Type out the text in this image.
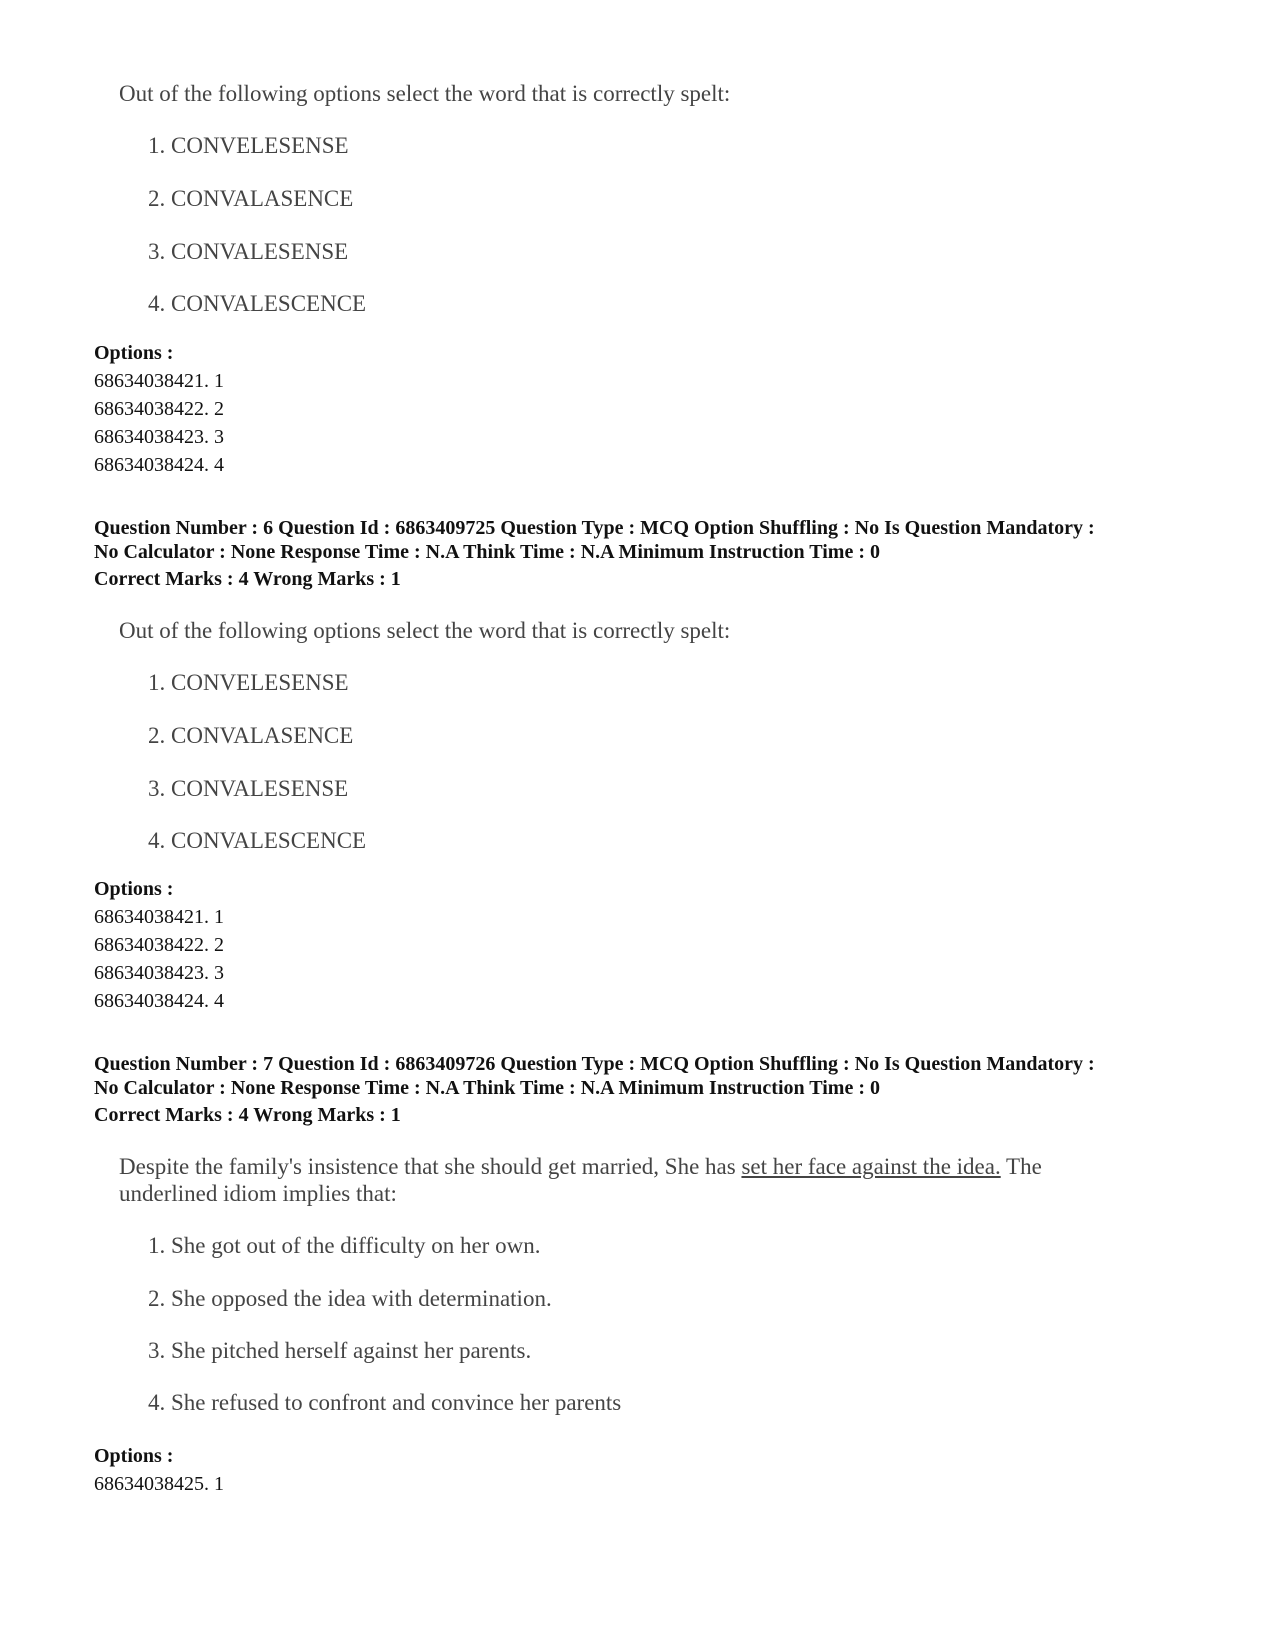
Out of the following options select the word that is correctly spelt:
1. CONVELESENSE
2. CONVALASENCE
3. CONVALESENSE
4. CONVALESCENCE
Options :
68634038421. 1
68634038422. 2
68634038423. 3
68634038424. 4
Question Number : 6 Question Id : 6863409725 Question Type : MCQ Option Shuffling : No Is Question Mandatory :
No Calculator : None Response Time : N.A Think Time : N.A Minimum Instruction Time : 0
Correct Marks : 4 Wrong Marks : 1
Out of the following options select the word that is correctly spelt:
1. CONVELESENSE
2. CONVALASENCE
3. CONVALESENSE
4. CONVALESCENCE
Options :
68634038421. 1
68634038422. 2
68634038423. 3
68634038424. 4
Question Number : 7 Question Id : 6863409726 Question Type : MCQ Option Shuffling : No Is Question Mandatory :
No Calculator : None Response Time : N.A Think Time : N.A Minimum Instruction Time : 0
Correct Marks : 4 Wrong Marks : 1
Despite the family's insistence that she should get married, She has set her face against the idea. The
underlined idiom implies that:
1. She got out of the difficulty on her own.
2. She opposed the idea with determination.
3. She pitched herself against her parents.
4. She refused to confront and convince her parents
Options :
68634038425. 1
